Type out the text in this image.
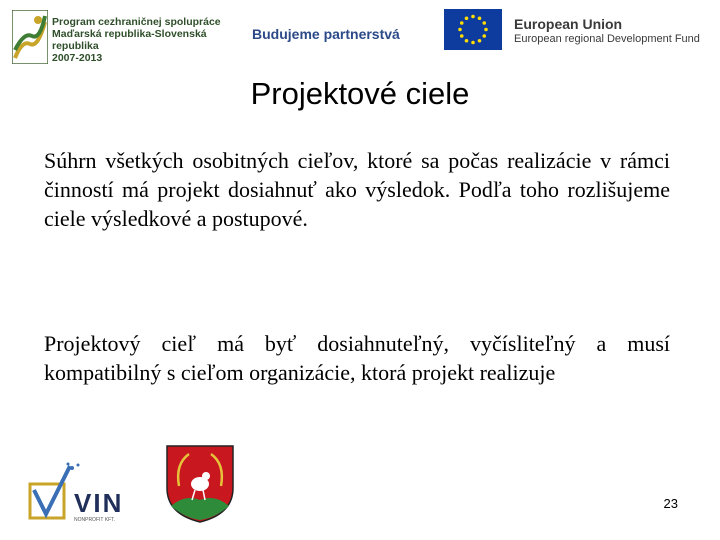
Program cezhraničnej spolupráce
Maďarská republika-Slovenská republika
2007-2013
Budujeme partnerstvá
European Union
European regional Development Fund
Projektové ciele
Súhrn všetkých osobitných cieľov, ktoré sa počas realizácie v rámci činností má projekt dosiahnuť ako výsledok. Podľa toho rozlišujeme ciele výsledkové a postupové.
Projektový cieľ má byť dosiahnuteľný, vyčísliteľný a musí kompatibilný s cieľom organizácie, ktorá projekt realizuje
VIN
NONPROFIT KFT.
23
